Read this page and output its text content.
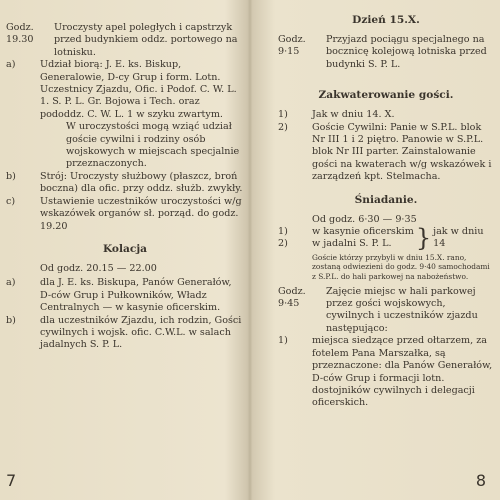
Godz. 19.30
Uroczysty apel poległych i capstrzyk przed budynkiem oddz. portowego na lotnisku.
a)	Udział biorą: J. E. ks. Biskup, Generalowie, D-cy Grup i form. Lotn. Uczestnicy Zjazdu, Ofic. i Podof. C. W. L. 1. S. P. L. Gr. Bojowa i Tech. oraz pododdz. C. W. L. 1 w szyku zwartym.

W uroczystości mogą wziąć udział goście cywilni i rodziny osób wojskowych w miejscach specjalnie przeznaczonych.

b)	Strój: Uroczysty służbowy (płaszcz, broń boczna) dla ofic. przy oddz. służb. zwykły.
c)	Ustawienie uczestników uroczystości w/g wskazówek organów sł. porząd. do godz. 19.20
Kolacja
Od godz. 20.15 — 22.00
a)	dla J. E. ks. Biskupa, Panów Generałów, D-ców Grup i Pułkowników, Władz Centralnych — w kasynie oficerskim.
b)	dla uczestników Zjazdu, ich rodzin, Gości cywilnych i wojsk. ofic. C.W.L. w salach jadalnych S. P. L.
7
Dzień 15.X.
Godz. 9·15
Przyjazd pociągu specjalnego na bocznicę kolejową lotniska przed budynki S. P. L.
Zakwaterowanie gości.
1)	Jak w dniu 14. X.
2)	Goście Cywilni: Panie w S.P.L. blok Nr III 1 i 2 piętro. Panowie w S.P.L. blok Nr III parter. Zainstalowanie gości na kwaterach w/g wskazówek i zarządzeń kpt. Stelmacha.
Śniadanie.
Od godz. 6·30 — 9·35
1)	w kasynie oficerskim
2)	w jadalni S. P. L. } jak w dniu 14

Goście którzy przybyli w dniu 15.X. rano, zostaną odwiezieni do godz. 9·40 samochodami z S.P.L. do hali parkowej na nabożeństwo.

Godz. 9·45
Zajęcie miejsc w hali parkowej przez gości wojskowych, cywilnych i uczestników zjazdu następująco:
1)	miejsca siedzące przed ołtarzem, za fotelem Pana Marszałka, są przeznaczone: dla Panów Generałów, D-ców Grup i formacji lotn. dostojników cywilnych i delegacji oficerskich.
8
